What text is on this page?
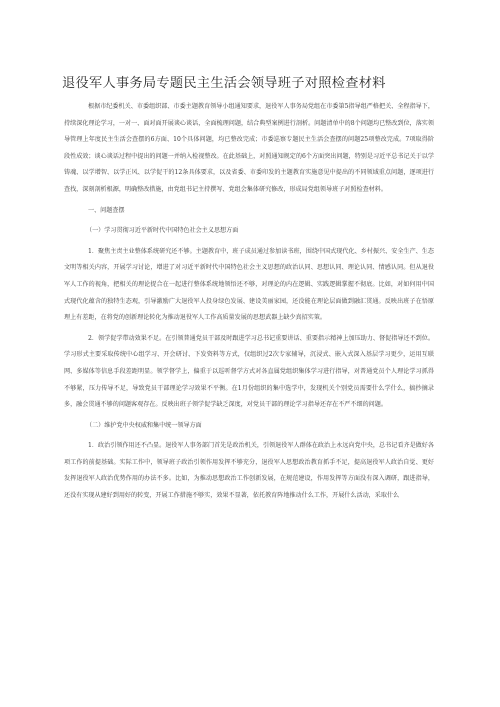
退役军人事务局专题民主生活会领导班子对照检查材料

根据市纪委机关、市委组织部、市委主题教育领导小组通知要求，退役军人事务局党组在市委第5指导组严格把关、全程指导下，持续深化理论学习，一对一、面对面开展谈心谈话，全面梳理问题，结合典型案例进行剖析。问题清单中的8个问题均已整改到位，落实领导管理上年度民主生活会查摆的6方面、10个具体问题，均已整改完成；市委巡察专题民主生活会查摆的问题25项整改完成。7项取得阶段性成效；谈心谈话过程中提出的问题一并纳入检视整改。在此基础上，对照通知规定的6个方面突出问题，特别是习近平总书记关于以学铸魂、以学增智、以学正风、以学促干的12条具体要求，以及省委、市委印发的主题教育实施意见中提出的不同领域重点问题，逐项进行查找，深刻剖析根源，明确整改措施，由党组书记主持撰写、党组会集体研究修改，形成局党组领导班子对照检查材料。

一、问题查摆

（一）学习贯彻习近平新时代中国特色社会主义思想方面

1．聚焦主责主业整体系统研究还不够。主题教育中，班子成员通过参加读书班，围绕中国式现代化、乡村振兴、安全生产、生态文明等相关内容，开展学习讨论，增进了对习近平新时代中国特色社会主义思想的政治认同、思想认同、理论认同、情感认同。但从退役军人工作的视角，把相关的理论捉合在一起进行整体系统地领悟还不够，对理论的内在逻辑、实践逻辑掌握不彻底。比如，对如何用中国式现代化蕴含的独特生态观，引导激励广大退役军人投身绿色发展、建设美丽家园，还没能在理论层面做到融汇贯通。反映出班子在悟原理上有差距，在将党的创新理论转化为推动退役军人工作高质量发展的思想武器上缺少真招实策。

2．领学促学带动效果不足。在引领普通党员干部及时跟进学习总书记重要讲话、重要指示精神上加压助力、督促指导还不到位。学习形式主要采取传统中心组学习、开会研讨、下发资料等方式，仅组织过2次专家辅导，沉浸式、嵌入式深入基层学习更少，运用互联网、多媒体等信息手段差距明显。领学督学上，偏重于以巡听督学方式对各直属党组织集体学习进行指导，对普通党员个人理论学习抓得不够紧，压力传导不足，导致党员干部理论学习效果不平衡。在1月份组织的集中选学中，发现机关个别党员需要什么学什么，搞抄摘录多，融会贯通不够的问题客观存在。反映出班子领学促学缺乏深度，对党员干部的理论学习指导还存在不严不细的问题。

（二）维护党中央权威和集中统一领导方面

1．政治引领作用还不凸显。退役军人事务部门首先是政治机关，引领退役军人群体在政治上永远向党中央，总书记看齐是做好各项工作的前提基础。实际工作中，领导班子政治引领作用发挥不够充分，退役军人思想政治教育抓手不足，提高退役军人政治自觉、更好发挥退役军人政治优势作用的办法不多。比如，为推动思想政治工作创新发展，在规范建设，作用发挥等方面没有深入调研，跟进指导，还没有实现从建好到用好的转变，开展工作措施不够实，效果不显著，依托教育阵地推动什么工作，开展什么活动，采取什么
